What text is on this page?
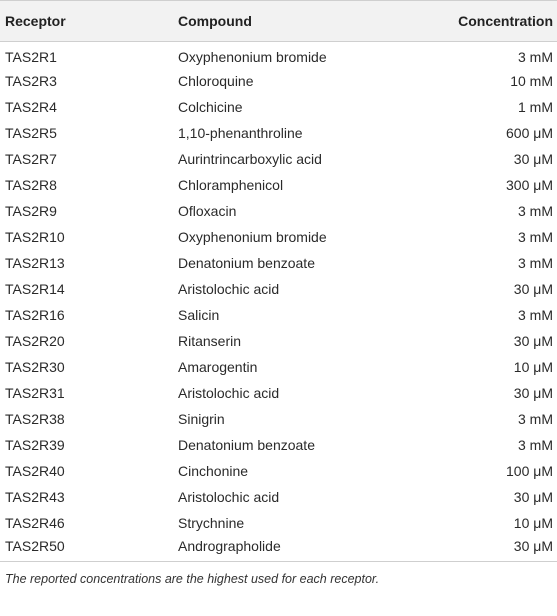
Receptor	Compound	Concentration
TAS2R1	Oxyphenonium bromide	3 mM
TAS2R3	Chloroquine	10 mM
TAS2R4	Colchicine	1 mM
TAS2R5	1,10-phenanthroline	600 μM
TAS2R7	Aurintrincarboxylic acid	30 μM
TAS2R8	Chloramphenicol	300 μM
TAS2R9	Ofloxacin	3 mM
TAS2R10	Oxyphenonium bromide	3 mM
TAS2R13	Denatonium benzoate	3 mM
TAS2R14	Aristolochic acid	30 μM
TAS2R16	Salicin	3 mM
TAS2R20	Ritanserin	30 μM
TAS2R30	Amarogentin	10 μM
TAS2R31	Aristolochic acid	30 μM
TAS2R38	Sinigrin	3 mM
TAS2R39	Denatonium benzoate	3 mM
TAS2R40	Cinchonine	100 μM
TAS2R43	Aristolochic acid	30 μM
TAS2R46	Strychnine	10 μM
TAS2R50	Andrographolide	30 μM
The reported concentrations are the highest used for each receptor.
